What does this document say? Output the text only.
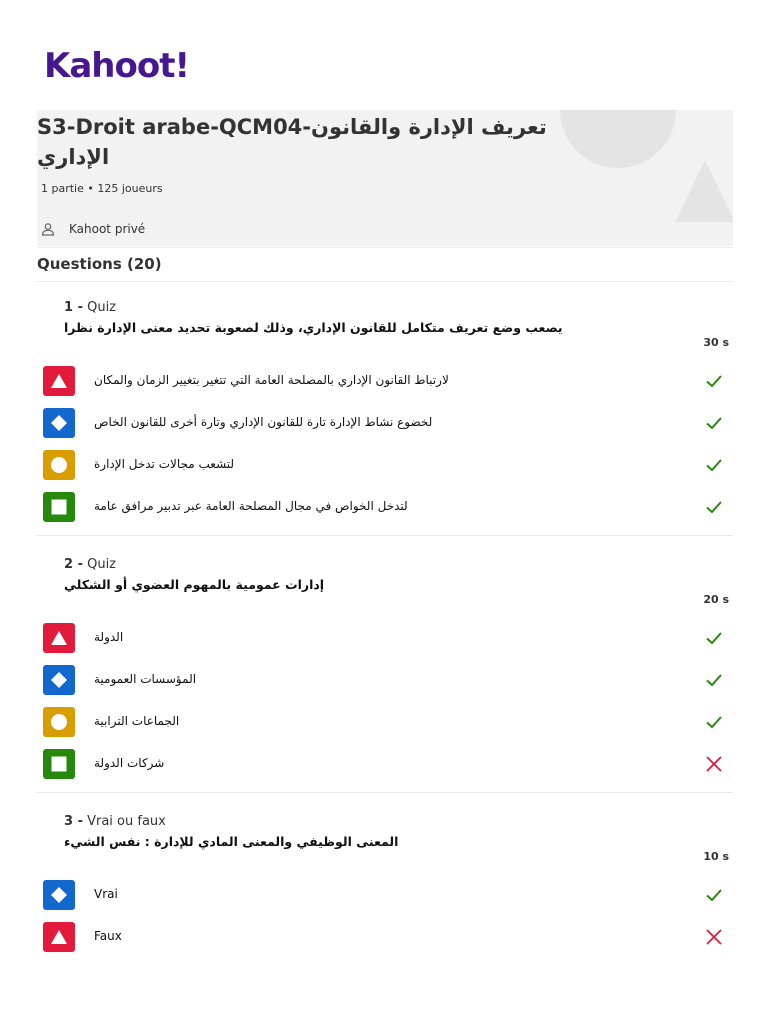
Kahoot!
S3-Droit arabe-QCM04-تعريف الإدارة والقانون الإداري
1 partie • 125 joueurs
Kahoot privé
Questions (20)
1 - Quiz
يصعب وضع تعريف متكامل للقانون الإداري، وذلك لصعوبة تحديد معنى الإدارة نظرا
30 s
لارتباط القانون الإداري بالمصلحة العامة التي تتغير بتغيير الزمان والمكان
لخضوع نشاط الإدارة تارة للقانون الإداري وتارة أخرى للقانون الخاص
لتشعب مجالات تدخل الإدارة
لتدخل الخواص في مجال المصلحة العامة عبر تدبير مرافق عامة
2 - Quiz
إدارات عمومية بالمهوم العضوي أو الشكلي
20 s
الدولة
المؤسسات العمومية
الجماعات الترابية
شركات الدولة
3 - Vrai ou faux
المعنى الوظيفي والمعنى المادي للإدارة : نفس الشيء
10 s
Vrai
Faux
